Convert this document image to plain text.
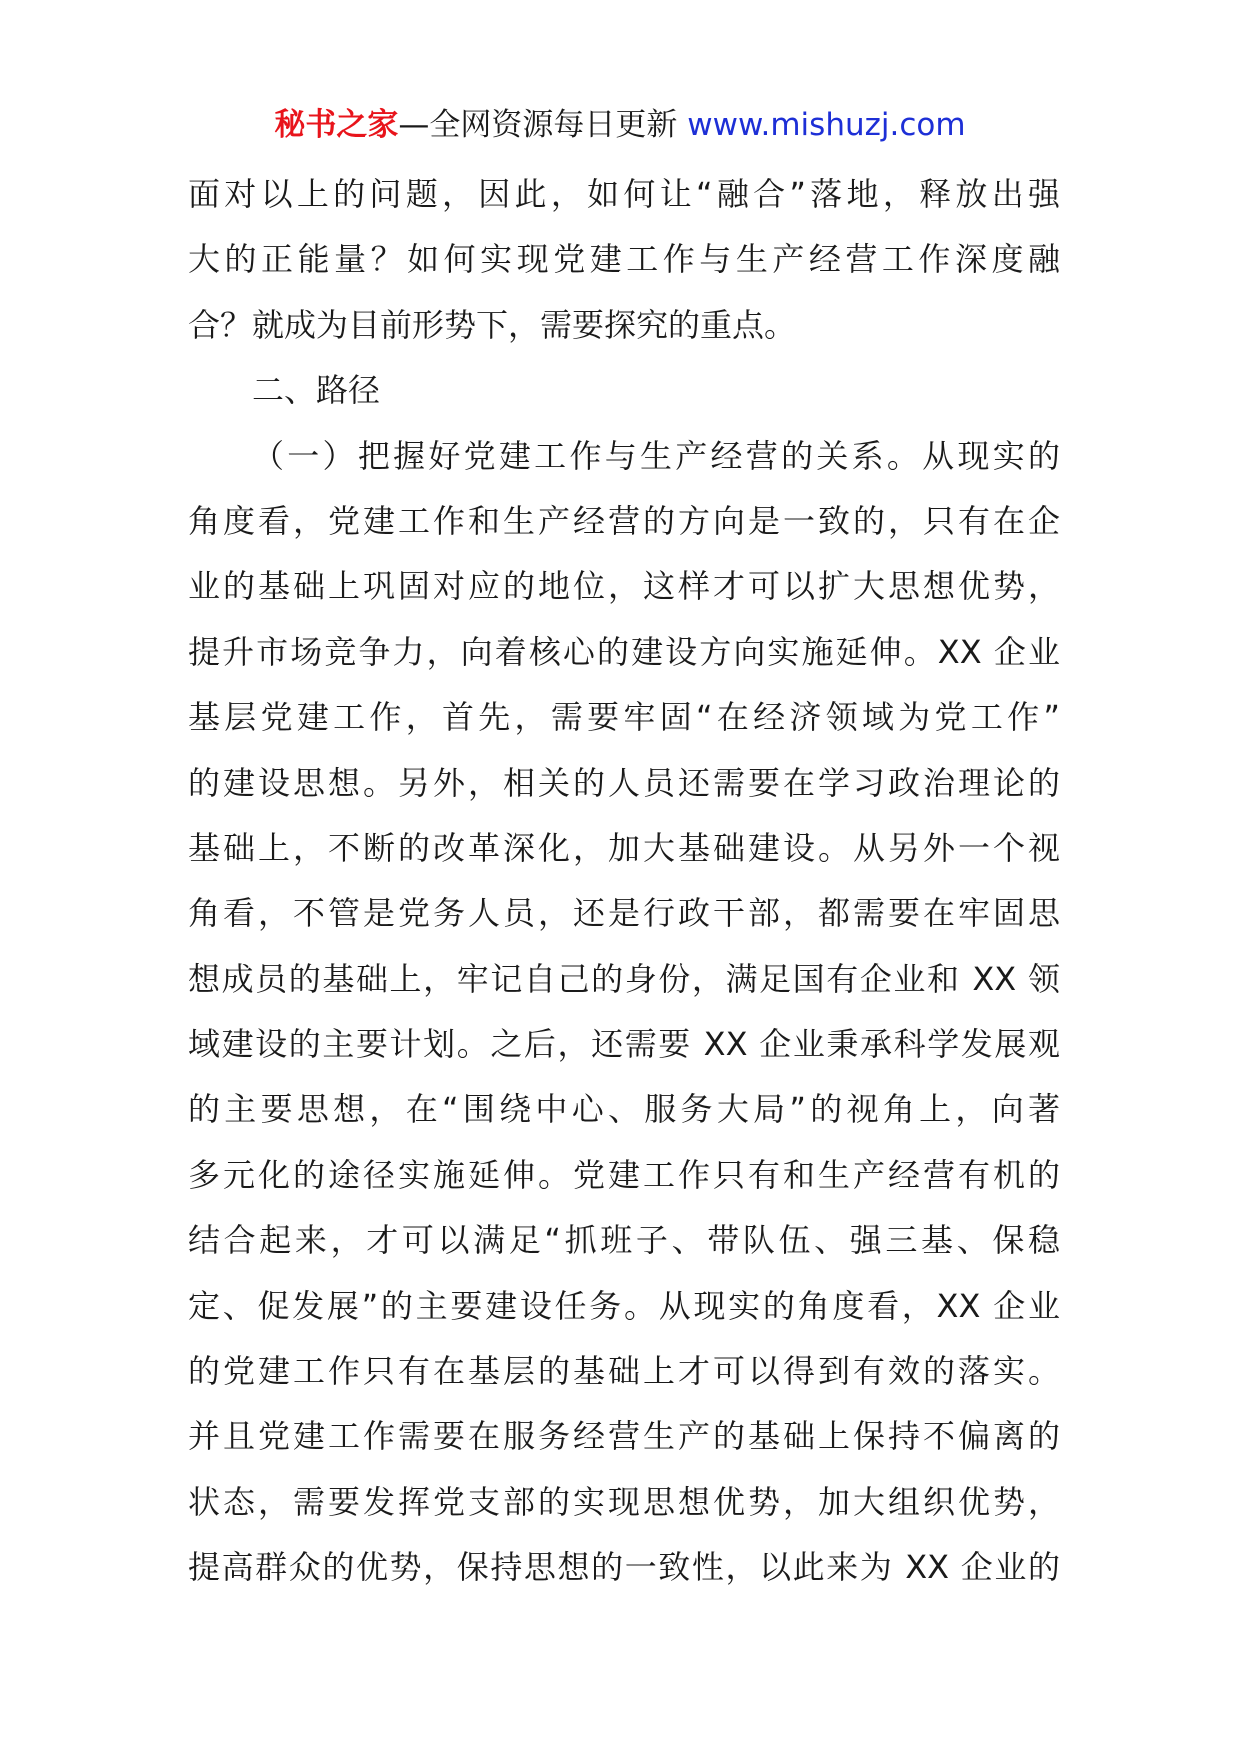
秘书之家—全网资源每日更新 www.mishuzj.com
面对以上的问题，因此，如何让“融合”落地，释放出强
大的正能量？如何实现党建工作与生产经营工作深度融
合？就成为目前形势下，需要探究的重点。
二、路径
（一）把握好党建工作与生产经营的关系。从现实的
角度看，党建工作和生产经营的方向是一致的，只有在企
业的基础上巩固对应的地位，这样才可以扩大思想优势，
提升市场竞争力，向着核心的建设方向实施延伸。XX 企业
基层党建工作，首先，需要牢固“在经济领域为党工作”
的建设思想。另外，相关的人员还需要在学习政治理论的
基础上，不断的改革深化，加大基础建设。从另外一个视
角看，不管是党务人员，还是行政干部，都需要在牢固思
想成员的基础上，牢记自己的身份，满足国有企业和 XX 领
域建设的主要计划。之后，还需要 XX 企业秉承科学发展观
的主要思想，在“围绕中心、服务大局”的视角上，向著
多元化的途径实施延伸。党建工作只有和生产经营有机的
结合起来，才可以满足“抓班子、带队伍、强三基、保稳
定、促发展”的主要建设任务。从现实的角度看，XX 企业
的党建工作只有在基层的基础上才可以得到有效的落实。
并且党建工作需要在服务经营生产的基础上保持不偏离的
状态，需要发挥党支部的实现思想优势，加大组织优势，
提高群众的优势，保持思想的一致性，以此来为 XX 企业的
